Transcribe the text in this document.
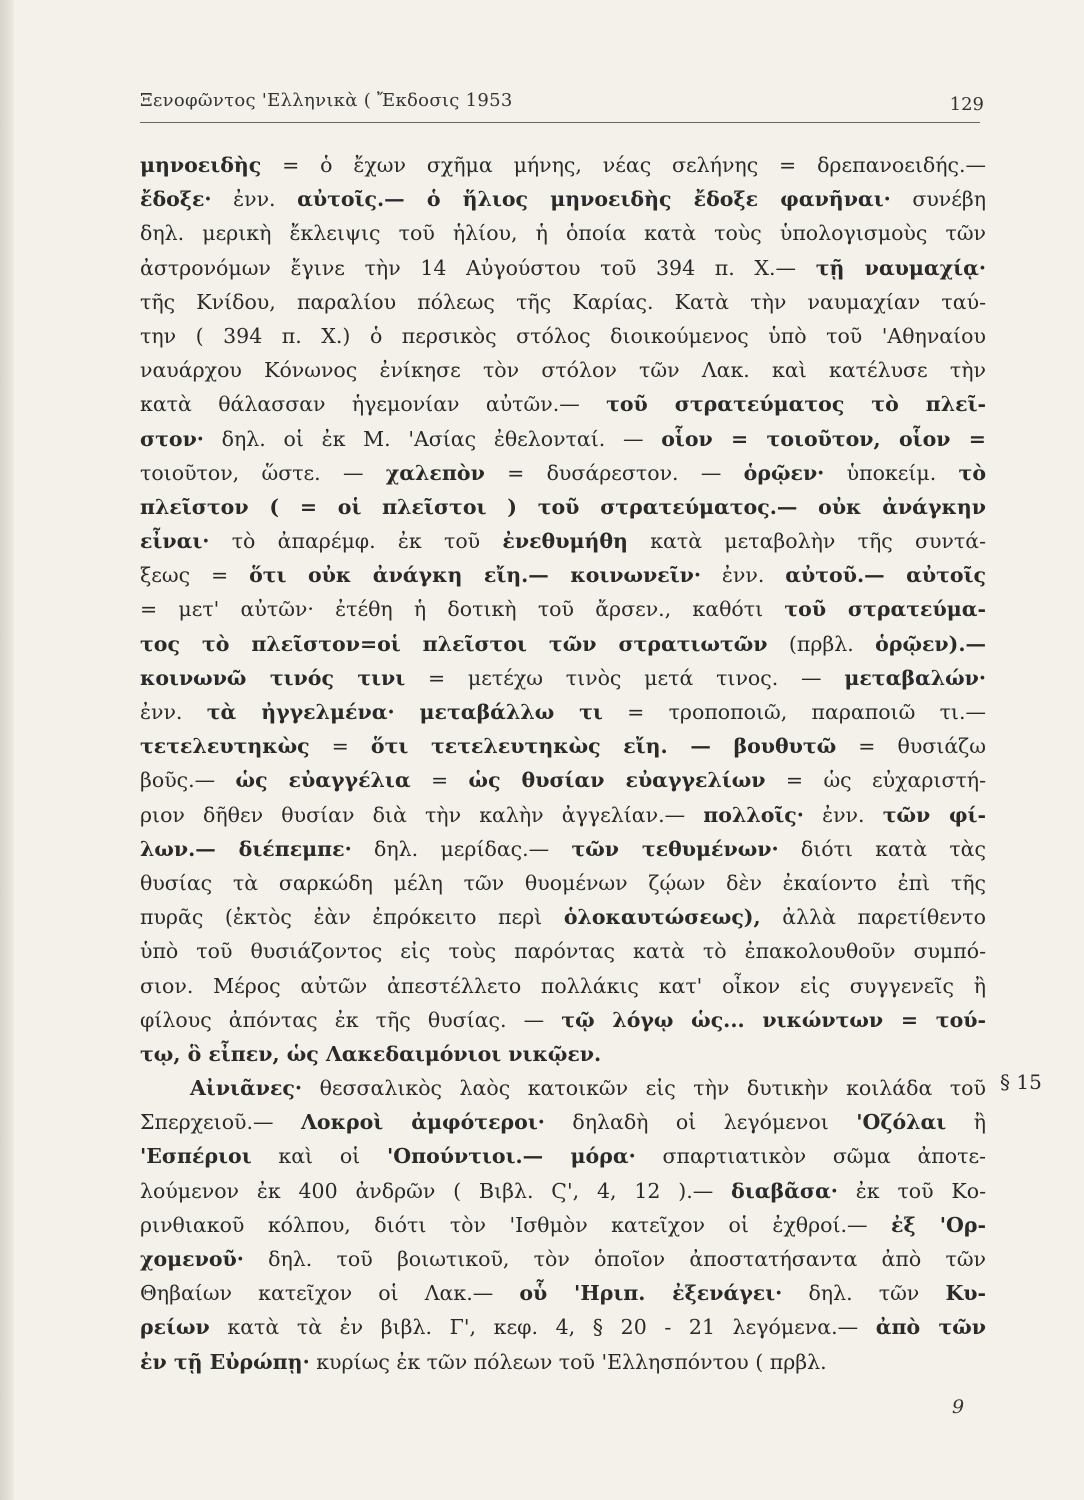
Ξενοφῶντος 'Ελληνικὰ ( Ἔκδοσις 1953	129
μηνοειδὴς = ὁ ἔχων σχῆμα μήνης, νέας σελήνης = δρεπανοειδής.—
ἔδοξε· ἐνν. αὐτοῖς.— ὁ ἥλιος μηνοειδὴς ἔδοξε φανῆναι· συνέβη
δηλ. μερικὴ ἔκλειψις τοῦ ἡλίου, ἡ ὁποία κατὰ τοὺς ὑπολογισμοὺς τῶν
ἀστρονόμων ἔγινε τὴν 14 Αὐγούστου τοῦ 394 π. Χ.— τῇ ναυμαχίᾳ·
τῆς Κνίδου, παραλίου πόλεως τῆς Καρίας. Κατὰ τὴν ναυμαχίαν ταύ-
την ( 394 π. Χ.) ὁ περσικὸς στόλος διοικούμενος ὑπὸ τοῦ 'Αθηναίου
ναυάρχου Κόνωνος ἐνίκησε τὸν στόλον τῶν Λακ. καὶ κατέλυσε τὴν
κατὰ θάλασσαν ἡγεμονίαν αὐτῶν.— τοῦ στρατεύματος τὸ πλεῖ-
στον· δηλ. οἱ ἐκ Μ. 'Ασίας ἐθελονταί. — οἷον = τοιοῦτον, οἷον =
τοιοῦτον, ὥστε. — χαλεπὸν = δυσάρεστον. — ὁρῷεν· ὑποκείμ. τὸ
πλεῖστον ( = οἱ πλεῖστοι ) τοῦ στρατεύματος.— οὐκ ἀνάγκην
εἶναι· τὸ ἀπαρέμφ. ἐκ τοῦ ἐνεθυμήθη κατὰ μεταβολὴν τῆς συντά-
ξεως = ὅτι οὐκ ἀνάγκη εἴη.— κοινωνεῖν· ἐνν. αὐτοῦ.— αὐτοῖς
= μετ' αὐτῶν· ἐτέθη ἡ δοτικὴ τοῦ ἄρσεν., καθότι τοῦ στρατεύμα-
τος τὸ πλεῖστον=οἱ πλεῖστοι τῶν στρατιωτῶν (πρβλ. ὁρῷεν).—
κοινωνῶ τινός τινι = μετέχω τινὸς μετά τινος. — μεταβαλών·
ἐνν. τὰ ἠγγελμένα· μεταβάλλω τι = τροποποιῶ, παραποιῶ τι.—
τετελευτηκὼς = ὅτι τετελευτηκὼς εἴη. — βουθυτῶ = θυσιάζω
βοῦς.— ὡς εὐαγγέλια = ὡς θυσίαν εὐαγγελίων = ὡς εὐχαριστή-
ριον δῆθεν θυσίαν διὰ τὴν καλὴν ἀγγελίαν.— πολλοῖς· ἐνν. τῶν φί-
λων.— διέπεμπε· δηλ. μερίδας.— τῶν τεθυμένων· διότι κατὰ τὰς
θυσίας τὰ σαρκώδη μέλη τῶν θυομένων ζῴων δὲν ἐκαίοντο ἐπὶ τῆς
πυρᾶς (ἐκτὸς ἐὰν ἐπρόκειτο περὶ ὁλοκαυτώσεως), ἀλλὰ παρετίθεντο
ὑπὸ τοῦ θυσιάζοντος εἰς τοὺς παρόντας κατὰ τὸ ἐπακολουθοῦν συμπό-
σιον. Μέρος αὐτῶν ἀπεστέλλετο πολλάκις κατ' οἶκον εἰς συγγενεῖς ἢ
φίλους ἀπόντας ἐκ τῆς θυσίας. — τῷ λόγῳ ὡς... νικώντων = τού-
τῳ, ὃ εἶπεν, ὡς Λακεδαιμόνιοι νικῷεν.
Αἰνιᾶνες· θεσσαλικὸς λαὸς κατοικῶν εἰς τὴν δυτικὴν κοιλάδα τοῦ
Σπερχειοῦ.— Λοκροὶ ἀμφότεροι· δηλαδὴ οἱ λεγόμενοι 'Οζόλαι ἢ
'Εσπέριοι καὶ οἱ 'Οπούντιοι.— μόρα· σπαρτιατικὸν σῶμα ἀποτε-
λούμενον ἐκ 400 ἀνδρῶν ( Βιβλ. Ϛ', 4, 12 ).— διαβᾶσα· ἐκ τοῦ Κο-
ρινθιακοῦ κόλπου, διότι τὸν 'Ισθμὸν κατεῖχον οἱ ἐχθροί.— ἐξ 'Ορ-
χομενοῦ· δηλ. τοῦ βοιωτικοῦ, τὸν ὁποῖον ἀποστατήσαντα ἀπὸ τῶν
Θηβαίων κατεῖχον οἱ Λακ.— οὗ 'Ηριπ. ἐξενάγει· δηλ. τῶν Κυ-
ρείων κατὰ τὰ ἐν βιβλ. Γ', κεφ. 4, § 20 - 21 λεγόμενα.— ἀπὸ τῶν
ἐν τῇ Εὐρώπῃ· κυρίως ἐκ τῶν πόλεων τοῦ 'Ελλησπόντου ( πρβλ.
§ 15
9
